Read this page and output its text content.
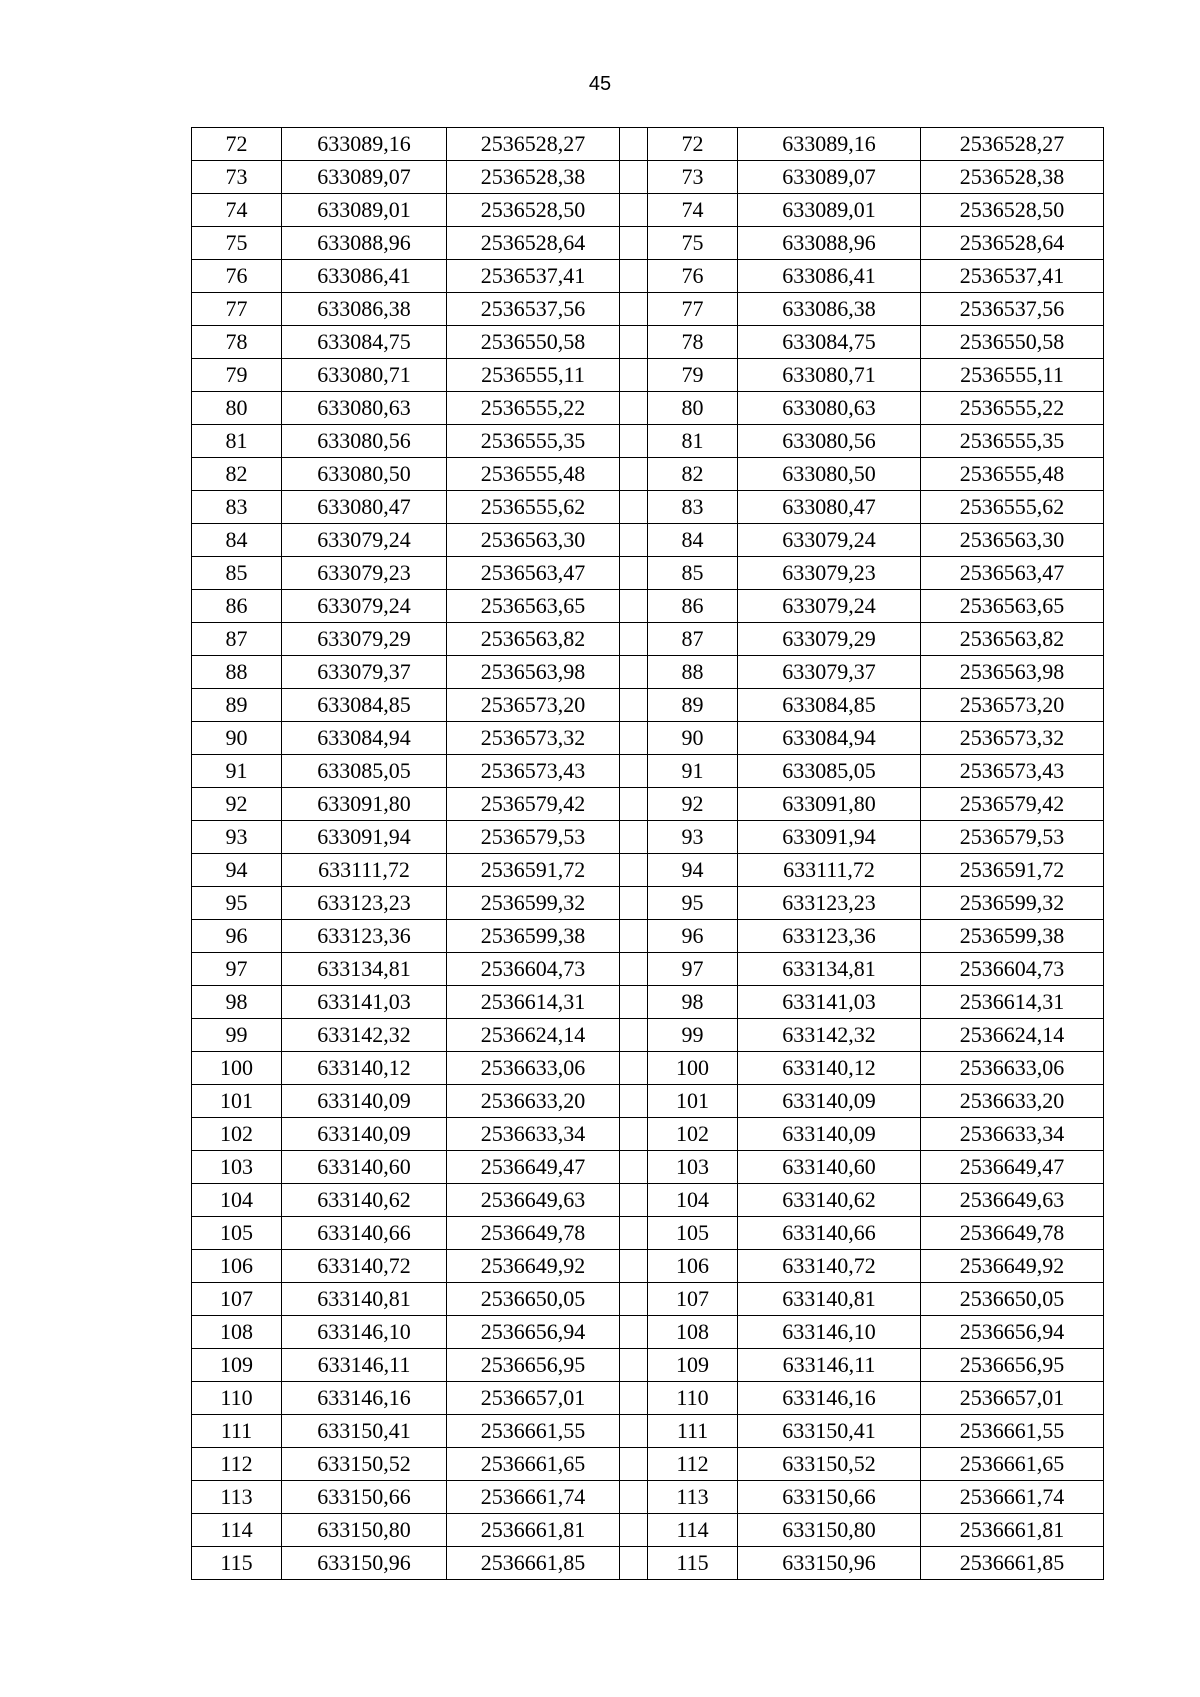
45
72	633089,16	2536528,27		72	633089,16	2536528,27
73	633089,07	2536528,38		73	633089,07	2536528,38
74	633089,01	2536528,50		74	633089,01	2536528,50
75	633088,96	2536528,64		75	633088,96	2536528,64
76	633086,41	2536537,41		76	633086,41	2536537,41
77	633086,38	2536537,56		77	633086,38	2536537,56
78	633084,75	2536550,58		78	633084,75	2536550,58
79	633080,71	2536555,11		79	633080,71	2536555,11
80	633080,63	2536555,22		80	633080,63	2536555,22
81	633080,56	2536555,35		81	633080,56	2536555,35
82	633080,50	2536555,48		82	633080,50	2536555,48
83	633080,47	2536555,62		83	633080,47	2536555,62
84	633079,24	2536563,30		84	633079,24	2536563,30
85	633079,23	2536563,47		85	633079,23	2536563,47
86	633079,24	2536563,65		86	633079,24	2536563,65
87	633079,29	2536563,82		87	633079,29	2536563,82
88	633079,37	2536563,98		88	633079,37	2536563,98
89	633084,85	2536573,20		89	633084,85	2536573,20
90	633084,94	2536573,32		90	633084,94	2536573,32
91	633085,05	2536573,43		91	633085,05	2536573,43
92	633091,80	2536579,42		92	633091,80	2536579,42
93	633091,94	2536579,53		93	633091,94	2536579,53
94	633111,72	2536591,72		94	633111,72	2536591,72
95	633123,23	2536599,32		95	633123,23	2536599,32
96	633123,36	2536599,38		96	633123,36	2536599,38
97	633134,81	2536604,73		97	633134,81	2536604,73
98	633141,03	2536614,31		98	633141,03	2536614,31
99	633142,32	2536624,14		99	633142,32	2536624,14
100	633140,12	2536633,06		100	633140,12	2536633,06
101	633140,09	2536633,20		101	633140,09	2536633,20
102	633140,09	2536633,34		102	633140,09	2536633,34
103	633140,60	2536649,47		103	633140,60	2536649,47
104	633140,62	2536649,63		104	633140,62	2536649,63
105	633140,66	2536649,78		105	633140,66	2536649,78
106	633140,72	2536649,92		106	633140,72	2536649,92
107	633140,81	2536650,05		107	633140,81	2536650,05
108	633146,10	2536656,94		108	633146,10	2536656,94
109	633146,11	2536656,95		109	633146,11	2536656,95
110	633146,16	2536657,01		110	633146,16	2536657,01
111	633150,41	2536661,55		111	633150,41	2536661,55
112	633150,52	2536661,65		112	633150,52	2536661,65
113	633150,66	2536661,74		113	633150,66	2536661,74
114	633150,80	2536661,81		114	633150,80	2536661,81
115	633150,96	2536661,85		115	633150,96	2536661,85
